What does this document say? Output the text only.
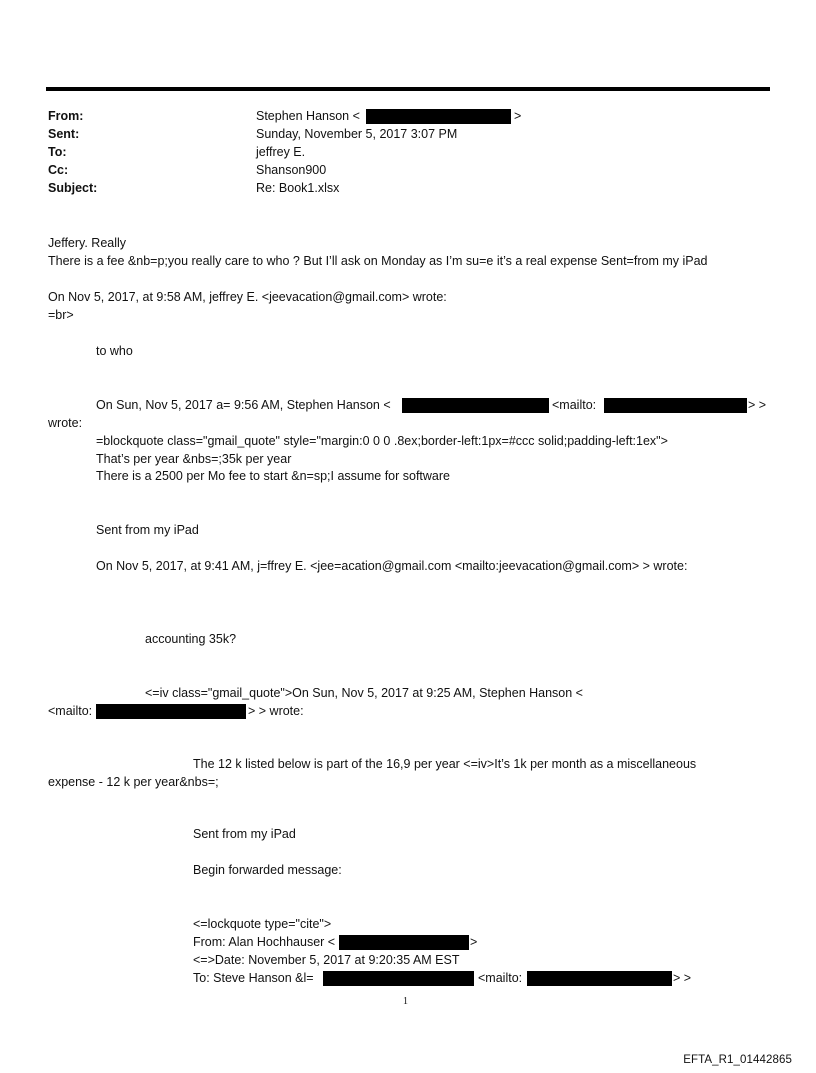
From:	Stephen Hanson <	>
Sent:	Sunday, November 5, 2017 3:07 PM
To:	jeffrey E.
Cc:	Shanson900
Subject:	Re: Book1.xlsx
Jeffery. Really
There is a fee &nb=p;you really care to who ? But I’ll ask on Monday as I’m su=e it’s a real expense Sent=from my iPad
On Nov 5, 2017, at 9:58 AM, jeffrey E. <jeevacation@gmail.com> wrote:
=br>
to who
On Sun, Nov 5, 2017 a= 9:56 AM, Stephen Hanson <	<mailto:	> >
wrote:
=blockquote class="gmail_quote" style="margin:0 0 0 .8ex;border-left:1px=#ccc solid;padding-left:1ex">
That’s per year &nbs=;35k per year
There is a 2500 per Mo fee to start &n=sp;I assume for software
Sent from my iPad
On Nov 5, 2017, at 9:41 AM, j=ffrey E. <jee=acation@gmail.com <mailto:jeevacation@gmail.com> > wrote:
accounting 35k?
<=iv class="gmail_quote">On Sun, Nov 5, 2017 at 9:25 AM, Stephen Hanson <
<mailto:	> > wrote:
The 12 k listed below is part of the 16,9 per year <=iv>It’s 1k per month as a miscellaneous
expense - 12 k per year&nbs=;
Sent from my iPad
Begin forwarded message:
<=lockquote type="cite">
From: Alan Hochhauser <	>
<=>Date: November 5, 2017 at 9:20:35 AM EST
To: Steve Hanson &l=	<mailto:	> >
1
EFTA_R1_01442865
